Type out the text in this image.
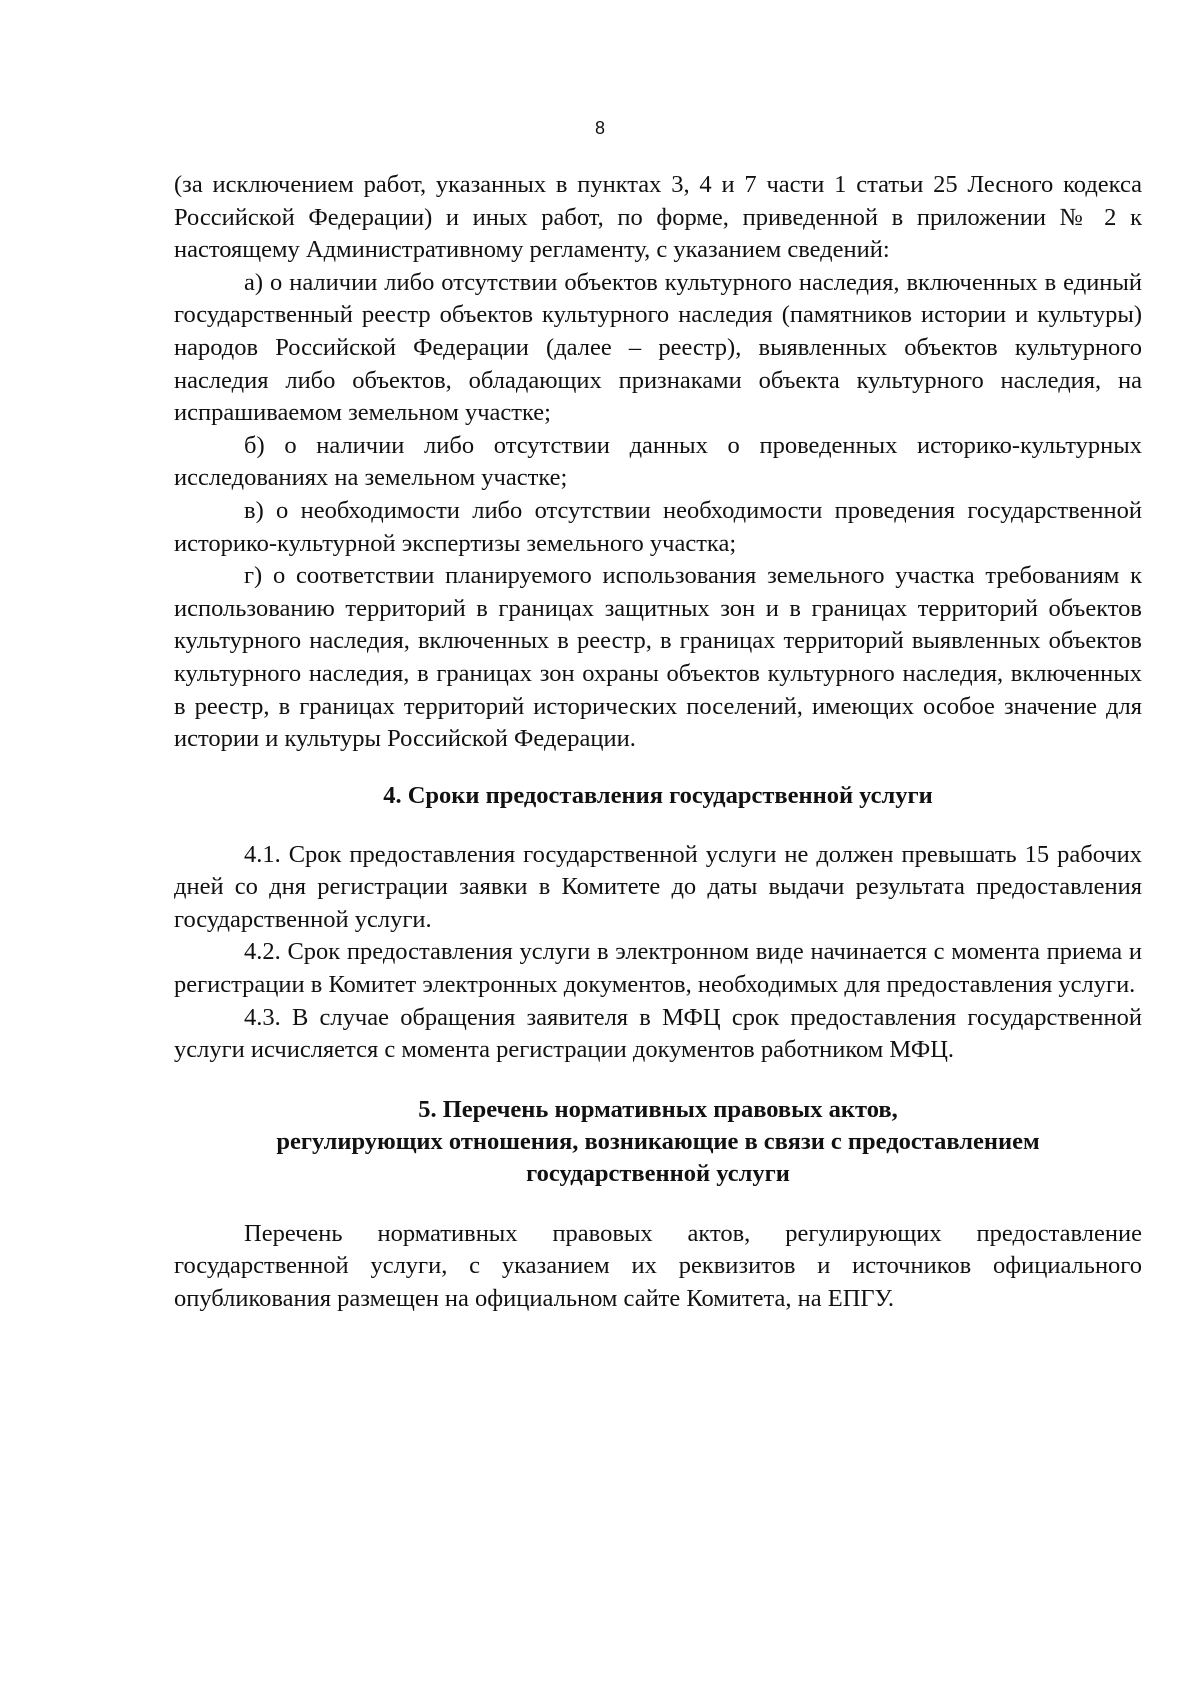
8

(за исключением работ, указанных в пунктах 3, 4 и 7 части 1 статьи 25 Лесного кодекса Российской Федерации) и иных работ, по форме, приведенной в приложении № 2 к настоящему Административному регламенту, с указанием сведений:

а) о наличии либо отсутствии объектов культурного наследия, включенных в единый государственный реестр объектов культурного наследия (памятников истории и культуры) народов Российской Федерации (далее – реестр), выявленных объектов культурного наследия либо объектов, обладающих признаками объекта культурного наследия, на испрашиваемом земельном участке;

б) о наличии либо отсутствии данных о проведенных историко-культурных исследованиях на земельном участке;

в) о необходимости либо отсутствии необходимости проведения государственной историко-культурной экспертизы земельного участка;

г) о соответствии планируемого использования земельного участка требованиям к использованию территорий в границах защитных зон и в границах территорий объектов культурного наследия, включенных в реестр, в границах территорий выявленных объектов культурного наследия, в границах зон охраны объектов культурного наследия, включенных в реестр, в границах территорий исторических поселений, имеющих особое значение для истории и культуры Российской Федерации.

4. Сроки предоставления государственной услуги

4.1. Срок предоставления государственной услуги не должен превышать 15 рабочих дней со дня регистрации заявки в Комитете до даты выдачи результата предоставления государственной услуги.

4.2. Срок предоставления услуги в электронном виде начинается с момента приема и регистрации в Комитет электронных документов, необходимых для предоставления услуги.

4.3. В случае обращения заявителя в МФЦ срок предоставления государственной услуги исчисляется с момента регистрации документов работником МФЦ.

5. Перечень нормативных правовых актов,
регулирующих отношения, возникающие в связи с предоставлением
государственной услуги

Перечень нормативных правовых актов, регулирующих предоставление государственной услуги, с указанием их реквизитов и источников официального опубликования размещен на официальном сайте Комитета, на ЕПГУ.
